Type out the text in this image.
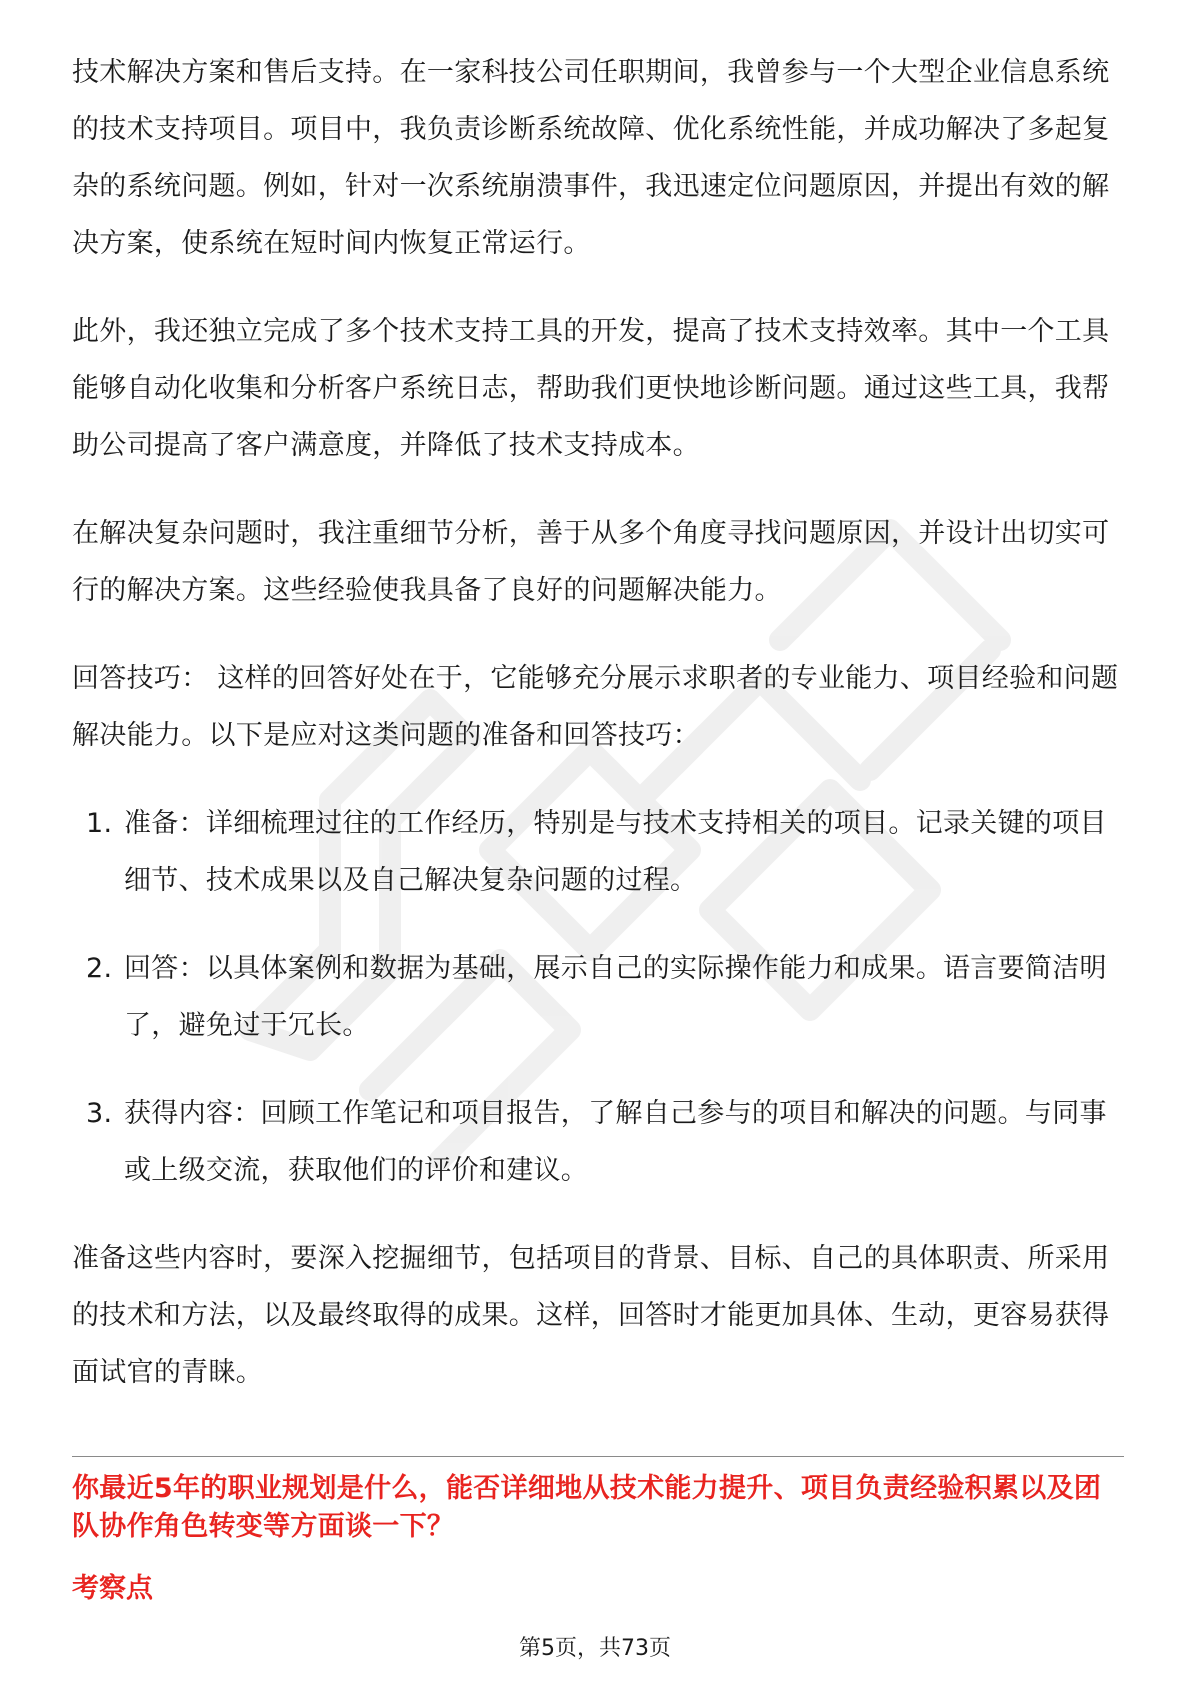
技术解决方案和售后支持。在一家科技公司任职期间，我曾参与一个大型企业信息系统的技术支持项目。项目中，我负责诊断系统故障、优化系统性能，并成功解决了多起复杂的系统问题。例如，针对一次系统崩溃事件，我迅速定位问题原因，并提出有效的解决方案，使系统在短时间内恢复正常运行。

此外，我还独立完成了多个技术支持工具的开发，提高了技术支持效率。其中一个工具能够自动化收集和分析客户系统日志，帮助我们更快地诊断问题。通过这些工具，我帮助公司提高了客户满意度，并降低了技术支持成本。

在解决复杂问题时，我注重细节分析，善于从多个角度寻找问题原因，并设计出切实可行的解决方案。这些经验使我具备了良好的问题解决能力。

回答技巧： 这样的回答好处在于，它能够充分展示求职者的专业能力、项目经验和问题解决能力。以下是应对这类问题的准备和回答技巧：

1. 准备：详细梳理过往的工作经历，特别是与技术支持相关的项目。记录关键的项目细节、技术成果以及自己解决复杂问题的过程。
2. 回答：以具体案例和数据为基础，展示自己的实际操作能力和成果。语言要简洁明了，避免过于冗长。
3. 获得内容：回顾工作笔记和项目报告，了解自己参与的项目和解决的问题。与同事或上级交流，获取他们的评价和建议。

准备这些内容时，要深入挖掘细节，包括项目的背景、目标、自己的具体职责、所采用的技术和方法，以及最终取得的成果。这样，回答时才能更加具体、生动，更容易获得面试官的青睐。

你最近5年的职业规划是什么，能否详细地从技术能力提升、项目负责经验积累以及团队协作角色转变等方面谈一下？
考察点
第5页，共73页
